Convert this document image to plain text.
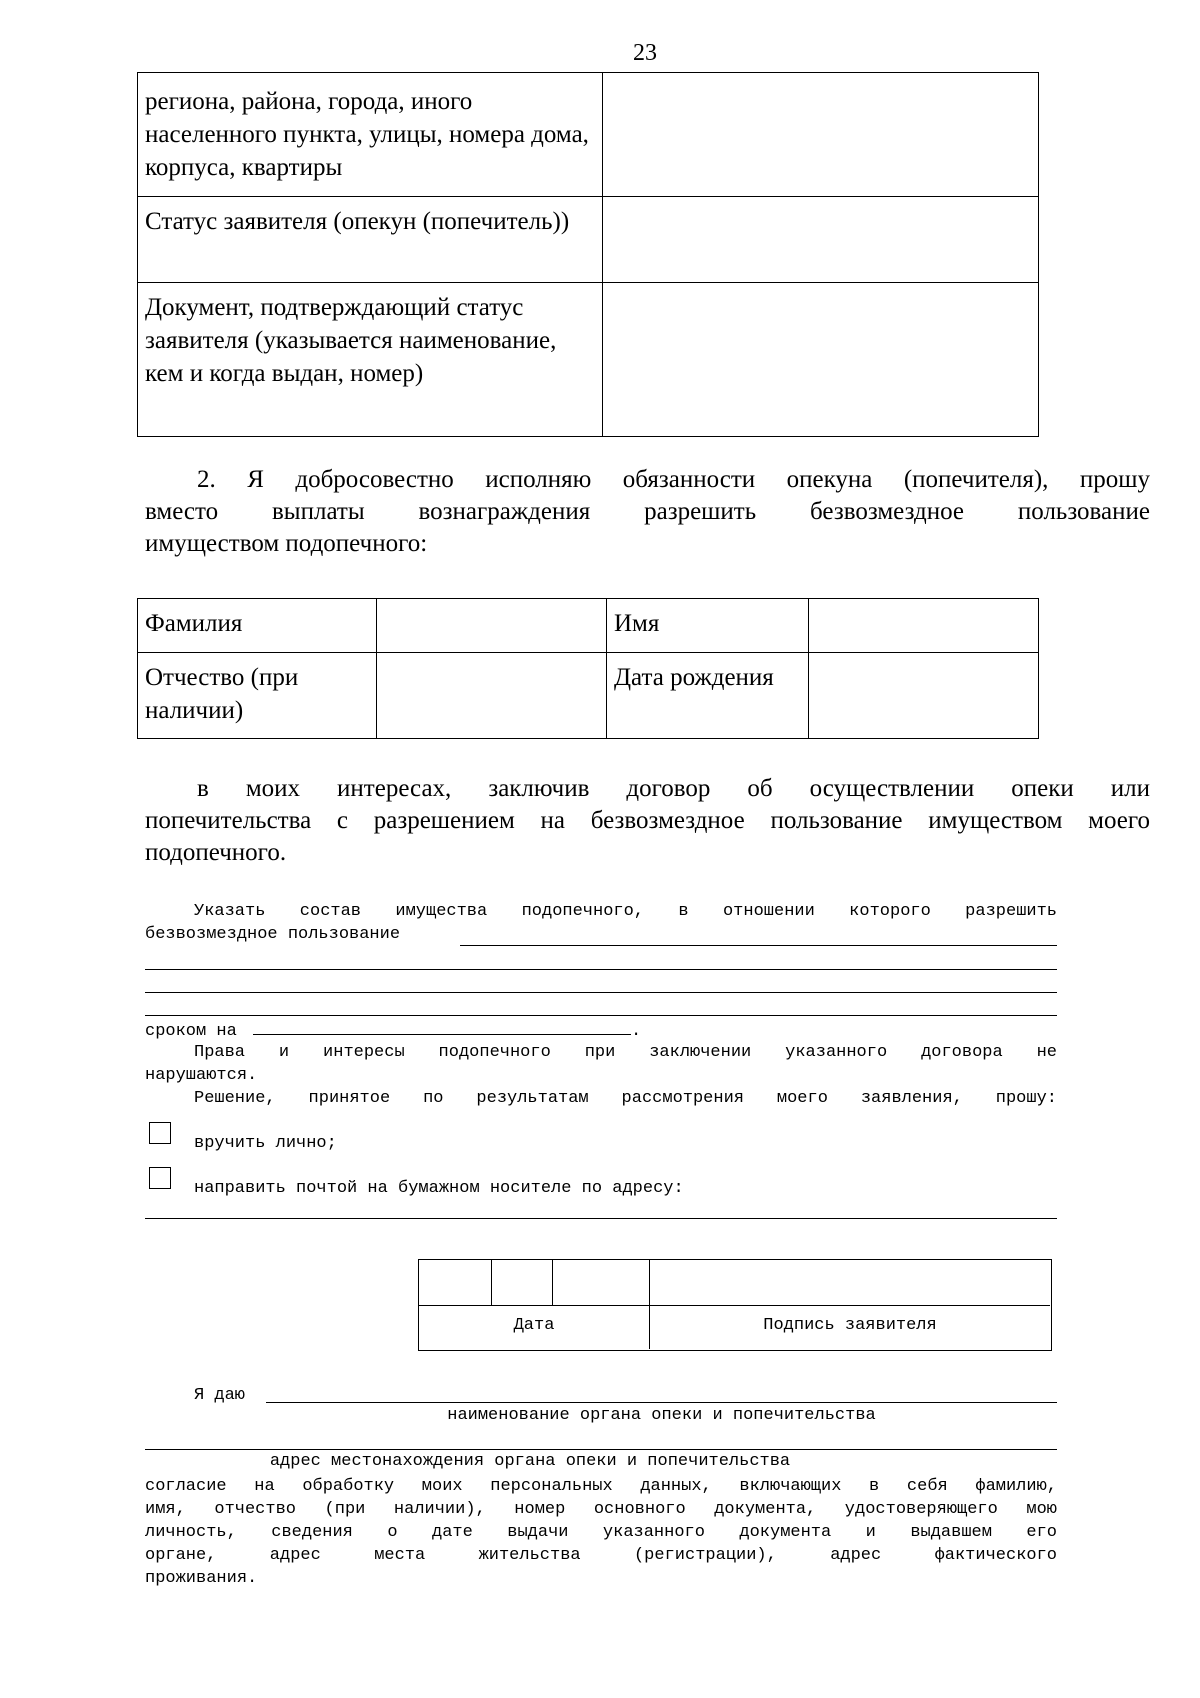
23
региона, района, города, иного населенного пункта, улицы, номера дома, корпуса, квартиры	
Статус заявителя (опекун (попечитель))	
Документ, подтверждающий статус заявителя (указывается наименование, кем и когда выдан, номер)	
2. Я добросовестно исполняю обязанности опекуна (попечителя), прошу
вместо выплаты вознаграждения разрешить безвозмездное пользование
имуществом подопечного:
Фамилия		Имя	
Отчество (при наличии)		Дата рождения	
в моих интересах, заключив договор об осуществлении опеки или
попечительства с разрешением на безвозмездное пользование имуществом моего
подопечного.
Указать состав имущества подопечного, в отношении которого разрешить
безвозмездное пользование
сроком на	.
Права и интересы подопечного при заключении указанного договора не
нарушаются.
Решение, принятое по результатам рассмотрения моего заявления, прошу:
вручить лично;
направить почтой на бумажном носителе по адресу:
Дата	Подпись заявителя
Я даю
наименование органа опеки и попечительства
адрес местонахождения органа опеки и попечительства
согласие на обработку моих персональных данных, включающих в себя фамилию,
имя, отчество (при наличии), номер основного документа, удостоверяющего мою
личность, сведения о дате выдачи указанного документа и выдавшем его
органе, адрес места жительства (регистрации), адрес фактического
проживания.
